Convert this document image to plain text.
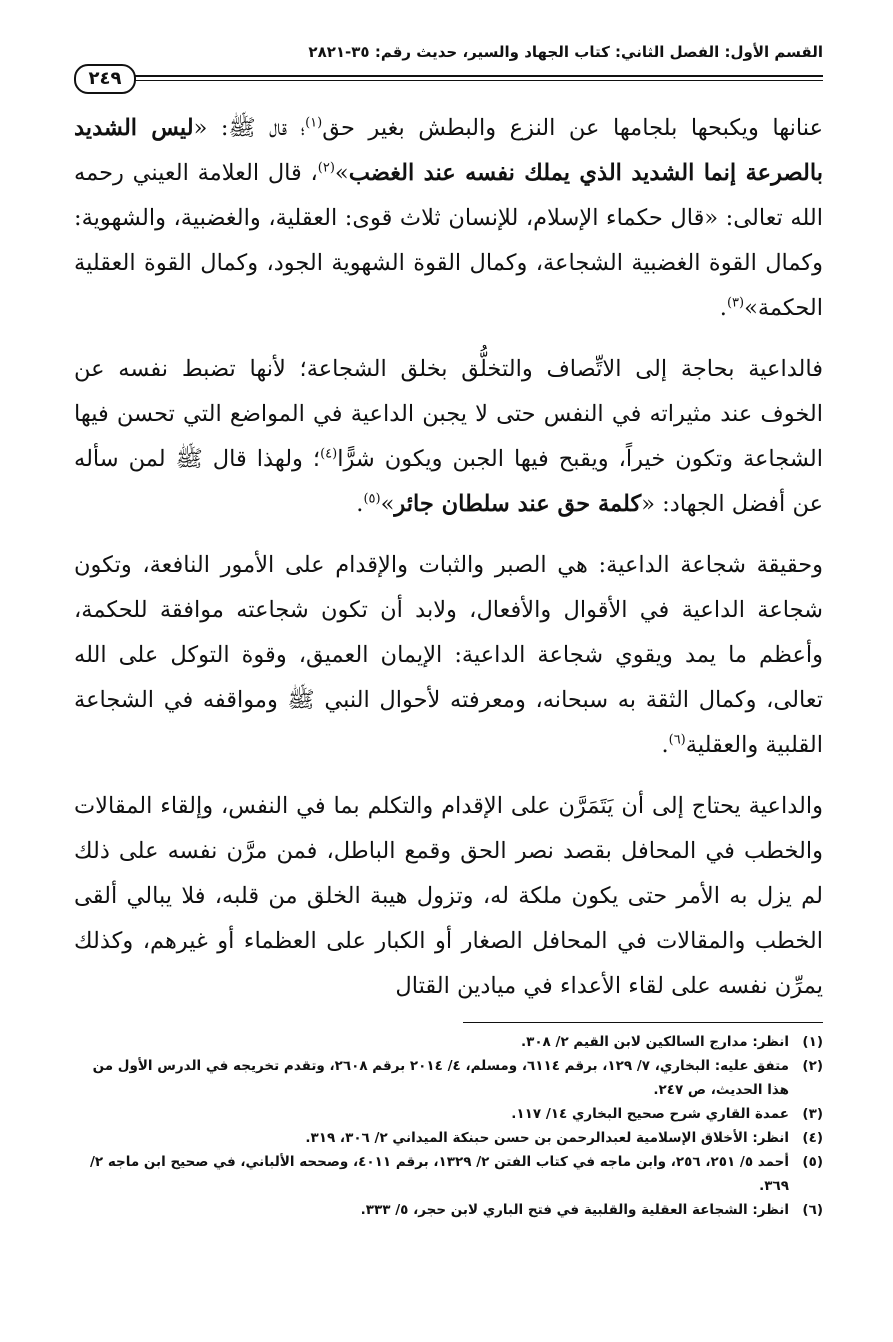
القسم الأول: الفصل الثاني: كتاب الجهاد والسير، حديث رقم: ٣٥-٢٨٢١
٢٤٩

عنانها ويكبحها بلجامها عن النزع والبطش بغير حق$^{(١)}$؛ قال ﷺ: «ليس الشديد بالصرعة إنما الشديد الذي يملك نفسه عند الغضب»$^{(٢)}$، قال العلامة العيني رحمه الله تعالى: «قال حكماء الإسلام، للإنسان ثلاث قوى: العقلية، والغضبية، والشهوية: وكمال القوة الغضبية الشجاعة، وكمال القوة الشهوية الجود، وكمال القوة العقلية الحكمة»$^{(٣)}$.

فالداعية بحاجة إلى الاتِّصاف والتخلُّق بخلق الشجاعة؛ لأنها تضبط نفسه عن الخوف عند مثيراته في النفس حتى لا يجبن الداعية في المواضع التي تحسن فيها الشجاعة وتكون خيراً، ويقبح فيها الجبن ويكون شرًّا$^{(٤)}$؛ ولهذا قال ﷺ لمن سأله عن أفضل الجهاد: «كلمة حق عند سلطان جائر»$^{(٥)}$.

وحقيقة شجاعة الداعية: هي الصبر والثبات والإقدام على الأمور النافعة، وتكون شجاعة الداعية في الأقوال والأفعال، ولابد أن تكون شجاعته موافقة للحكمة، وأعظم ما يمد ويقوي شجاعة الداعية: الإيمان العميق، وقوة التوكل على الله تعالى، وكمال الثقة به سبحانه، ومعرفته لأحوال النبي ﷺ ومواقفه في الشجاعة القلبية والعقلية$^{(٦)}$.

والداعية يحتاج إلى أن يَتَمَرَّن على الإقدام والتكلم بما في النفس، وإلقاء المقالات والخطب في المحافل بقصد نصر الحق وقمع الباطل، فمن مرَّن نفسه على ذلك لم يزل به الأمر حتى يكون ملكة له، وتزول هيبة الخلق من قلبه، فلا يبالي ألقى الخطب والمقالات في المحافل الصغار أو الكبار على العظماء أو غيرهم، وكذلك يمرِّن نفسه على لقاء الأعداء في ميادين القتال

(١)
انظر: مدارج السالكين لابن القيم ٢/ ٣٠٨.
(٢)
متفق عليه: البخاري، ٧/ ١٢٩، برقم ٦١١٤، ومسلم، ٤/ ٢٠١٤ برقم ٢٦٠٨، وتقدم تخريجه في الدرس الأول من هذا الحديث، ص ٢٤٧.
(٣)
عمدة القاري شرح صحيح البخاري ١٤/ ١١٧.
(٤)
انظر: الأخلاق الإسلامية لعبدالرحمن بن حسن حبنكة الميداني ٢/ ٣٠٦، ٣١٩.
(٥)
أحمد ٥/ ٢٥١، ٢٥٦، وابن ماجه في كتاب الفتن ٢/ ١٣٢٩، برقم ٤٠١١، وصححه الألباني، في صحيح ابن ماجه ٢/ ٣٦٩.
(٦)
انظر: الشجاعة العقلية والقلبية في فتح الباري لابن حجر، ٥/ ٣٣٣.
